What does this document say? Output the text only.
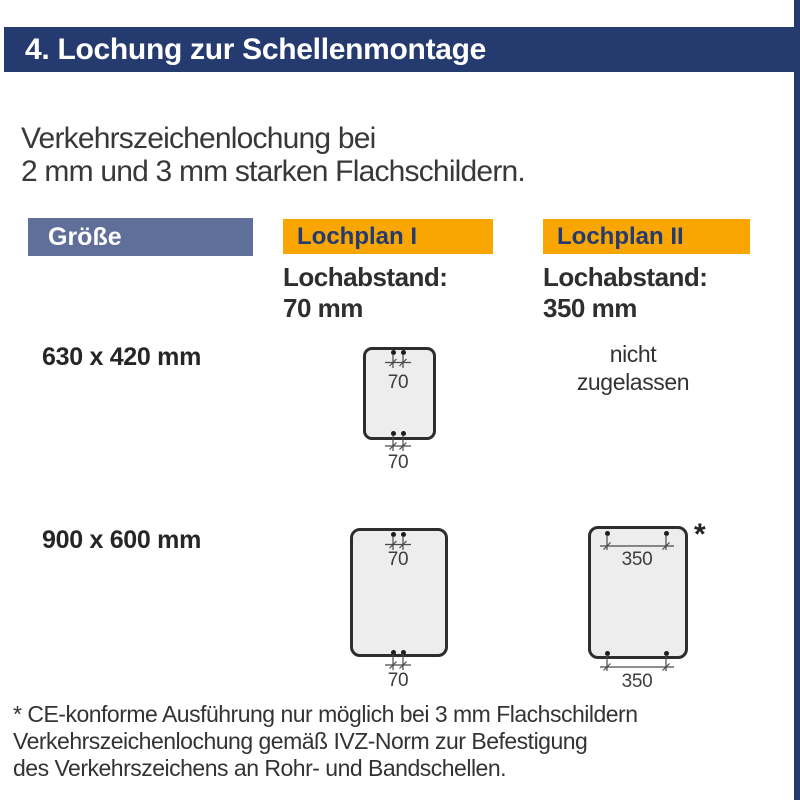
4. Lochung zur Schellenmontage
Verkehrszeichenlochung bei
2 mm und 3 mm starken Flachschildern.
Größe	Lochplan I	Lochplan II
Lochabstand:
70 mm
Lochabstand:
350 mm
630 x 420 mm
900 x 600 mm
nicht
zugelassen
70
70
70
70
350
350
*
* CE-konforme Ausführung nur möglich bei 3 mm Flachschildern
Verkehrszeichenlochung gemäß IVZ-Norm zur Befestigung
des Verkehrszeichens an Rohr- und Bandschellen.
